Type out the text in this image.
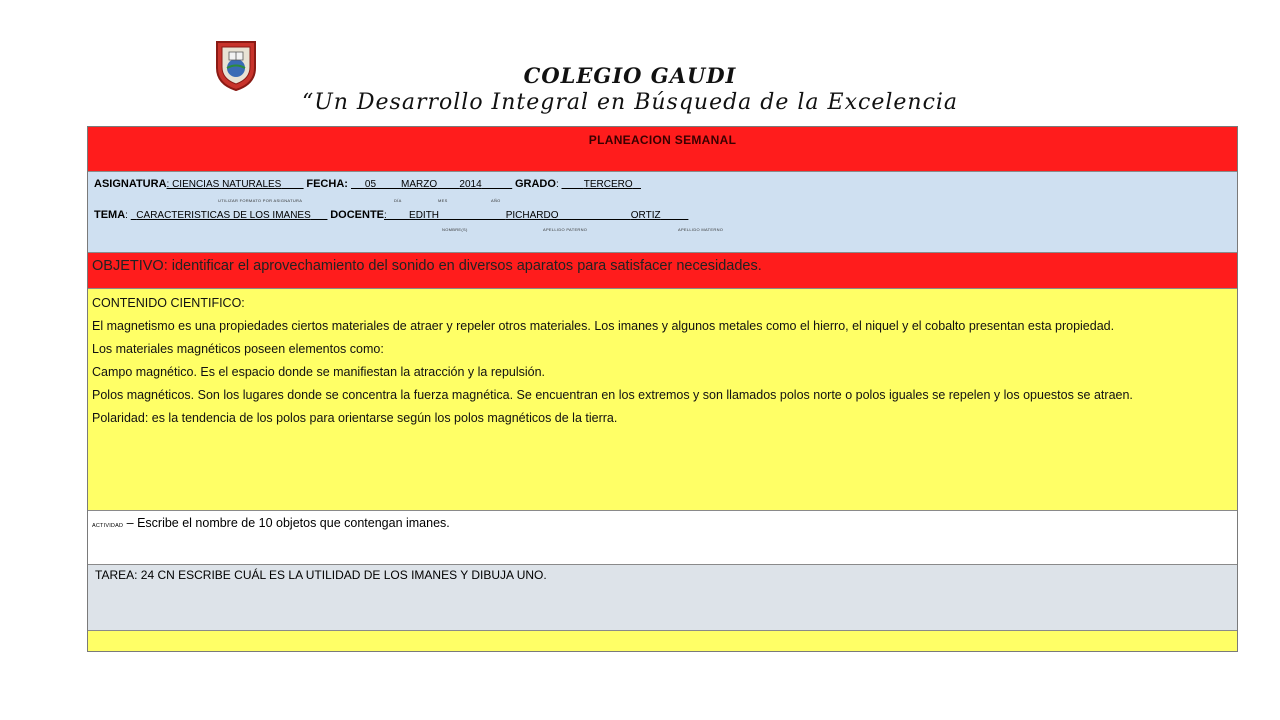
COLEGIO GAUDI
“Un Desarrollo Integral en Búsqueda de la Excelencia
PLANEACION SEMANAL
ASIGNATURA: CIENCIAS NATURALES FECHA:      05	MARZO 2014	GRADO:         TERCERO
UTILIZAR FORMATO POR ASIGNATURA	DÍA	MES	AÑO
TEMA:   CARACTERISTICAS DE LOS IMANES DOCENTE:        EDITH	PICHARDO	ORTIZ
NOMBRE(S)	APELLIDO PATERNO	APELLIDO MATERNO
OBJETIVO: identificar el aprovechamiento del sonido en diversos aparatos para satisfacer necesidades.

CONTENIDO CIENTIFICO:

El magnetismo es una propiedades ciertos materiales de atraer y repeler otros materiales. Los imanes y algunos metales como el hierro, el niquel y el cobalto presentan esta propiedad.

Los materiales magnéticos poseen elementos como:

Campo magnético. Es el espacio donde se manifiestan la atracción y la repulsión.

Polos magnéticos. Son los lugares donde se concentra la fuerza magnética. Se encuentran en los extremos y son llamados polos norte o polos iguales se repelen y los opuestos se atraen.

Polaridad: es la tendencia de los polos para orientarse según los polos magnéticos de la tierra.

ACTIVIDAD – Escribe el nombre de 10 objetos que contengan imanes.
TAREA: 24 CN ESCRIBE CUÁL ES LA UTILIDAD DE LOS IMANES Y DIBUJA UNO.
